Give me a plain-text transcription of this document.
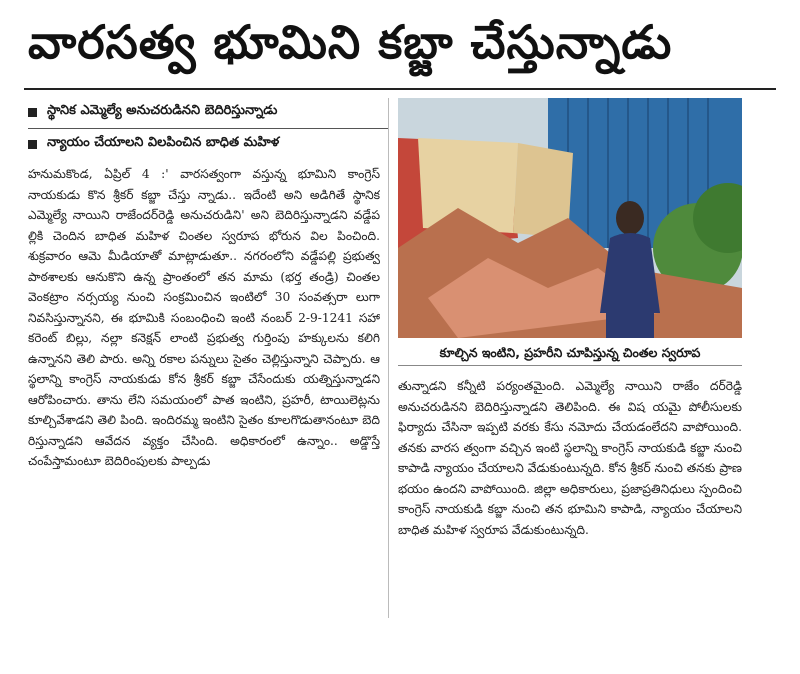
వారసత్వ భూమిని కబ్జా చేస్తున్నాడు
స్థానిక ఎమ్మెల్యే అనుచరుడినని బెదిరిస్తున్నాడు
న్యాయం చేయాలని విలపించిన బాధిత మహిళ
హనుమకొండ, ఏప్రిల్ 4 :' వారసత్వంగా వస్తున్న భూమిని కాంగ్రెస్ నాయకుడు కొన శ్రీకర్ కబ్జా చేస్తు న్నాడు.. ఇదేంటి అని అడిగితే స్థానిక ఎమ్మెల్యే నాయిని రాజేందర్‌రెడ్డి అనుచరుడిని' అని బెదిరిస్తున్నాడని వడ్డేప ల్లికి చెందిన బాధిత మహిళ చింతల స్వరూప భోరున విల పించింది. శుక్రవారం ఆమె మీడియాతో మాట్లాడుతూ.. నగరంలోని వడ్డేపల్లి ప్రభుత్వ పాఠశాలకు ఆనుకొని ఉన్న ప్రాంతంలో తన మామ (భర్త తండ్రి) చింతల వెంకట్రాం నర్సయ్య నుంచి సంక్రమించిన ఇంటిలో 30 సంవత్సరా లుగా నివసిస్తున్నానని, ఈ భూమికి సంబంధించి ఇంటి నంబర్ 2-9-1241 సహా కరెంట్ బిల్లు, నల్లా కనెక్షన్ లాంటి ప్రభుత్వ గుర్తింపు హక్కులను కలిగి ఉన్నానని తెలి పారు. అన్ని రకాల పన్నులు సైతం చెల్లిస్తున్నాని చెప్పారు. ఆ స్థలాన్ని కాంగ్రెస్ నాయకుడు కోన శ్రీకర్ కబ్జా చేసేందుకు యత్నిస్తున్నాడని ఆరోపించారు. తాను లేని సమయంలో పాత ఇంటిని, ప్రహరీ, టాయిలెట్లను కూల్చివేశాడని తెలి పింది. ఇందిరమ్మ ఇంటిని సైతం కూలగొడుతానంటూ బెది రిస్తున్నాడని ఆవేదన వ్యక్తం చేసింది. అధికారంలో ఉన్నాం.. అడ్డొస్తే చంపేస్తామంటూ బెదిరింపులకు పాల్పడు
కూల్చిన ఇంటిని, ప్రహరీని చూపిస్తున్న చింతల స్వరూప
తున్నాడని కన్నీటి పర్యంతమైంది. ఎమ్మెల్యే నాయిని రాజేం దర్‌రెడ్డి అనుచరుడినని బెదిరిస్తున్నాడని తెలిపింది. ఈ విష యమై పోలీసులకు ఫిర్యాదు చేసినా ఇప్పటి వరకు కేసు నమోదు చేయడంలేదని వాపోయింది. తనకు వారస త్వంగా వచ్చిన ఇంటి స్థలాన్ని కాంగ్రెస్ నాయకుడి కబ్జా నుంచి కాపాడి న్యాయం చేయాలని వేడుకుంటున్నది. కోన శ్రీకర్ నుంచి తనకు ప్రాణ భయం ఉందని వాపోయింది. జిల్లా అధికారులు, ప్రజాప్రతినిధులు స్పందించి కాంగ్రెస్ నాయకుడి కబ్జా నుంచి తన భూమిని కాపాడి, న్యాయం చేయాలని బాధిత మహిళ స్వరూప వేడుకుంటున్నది.
